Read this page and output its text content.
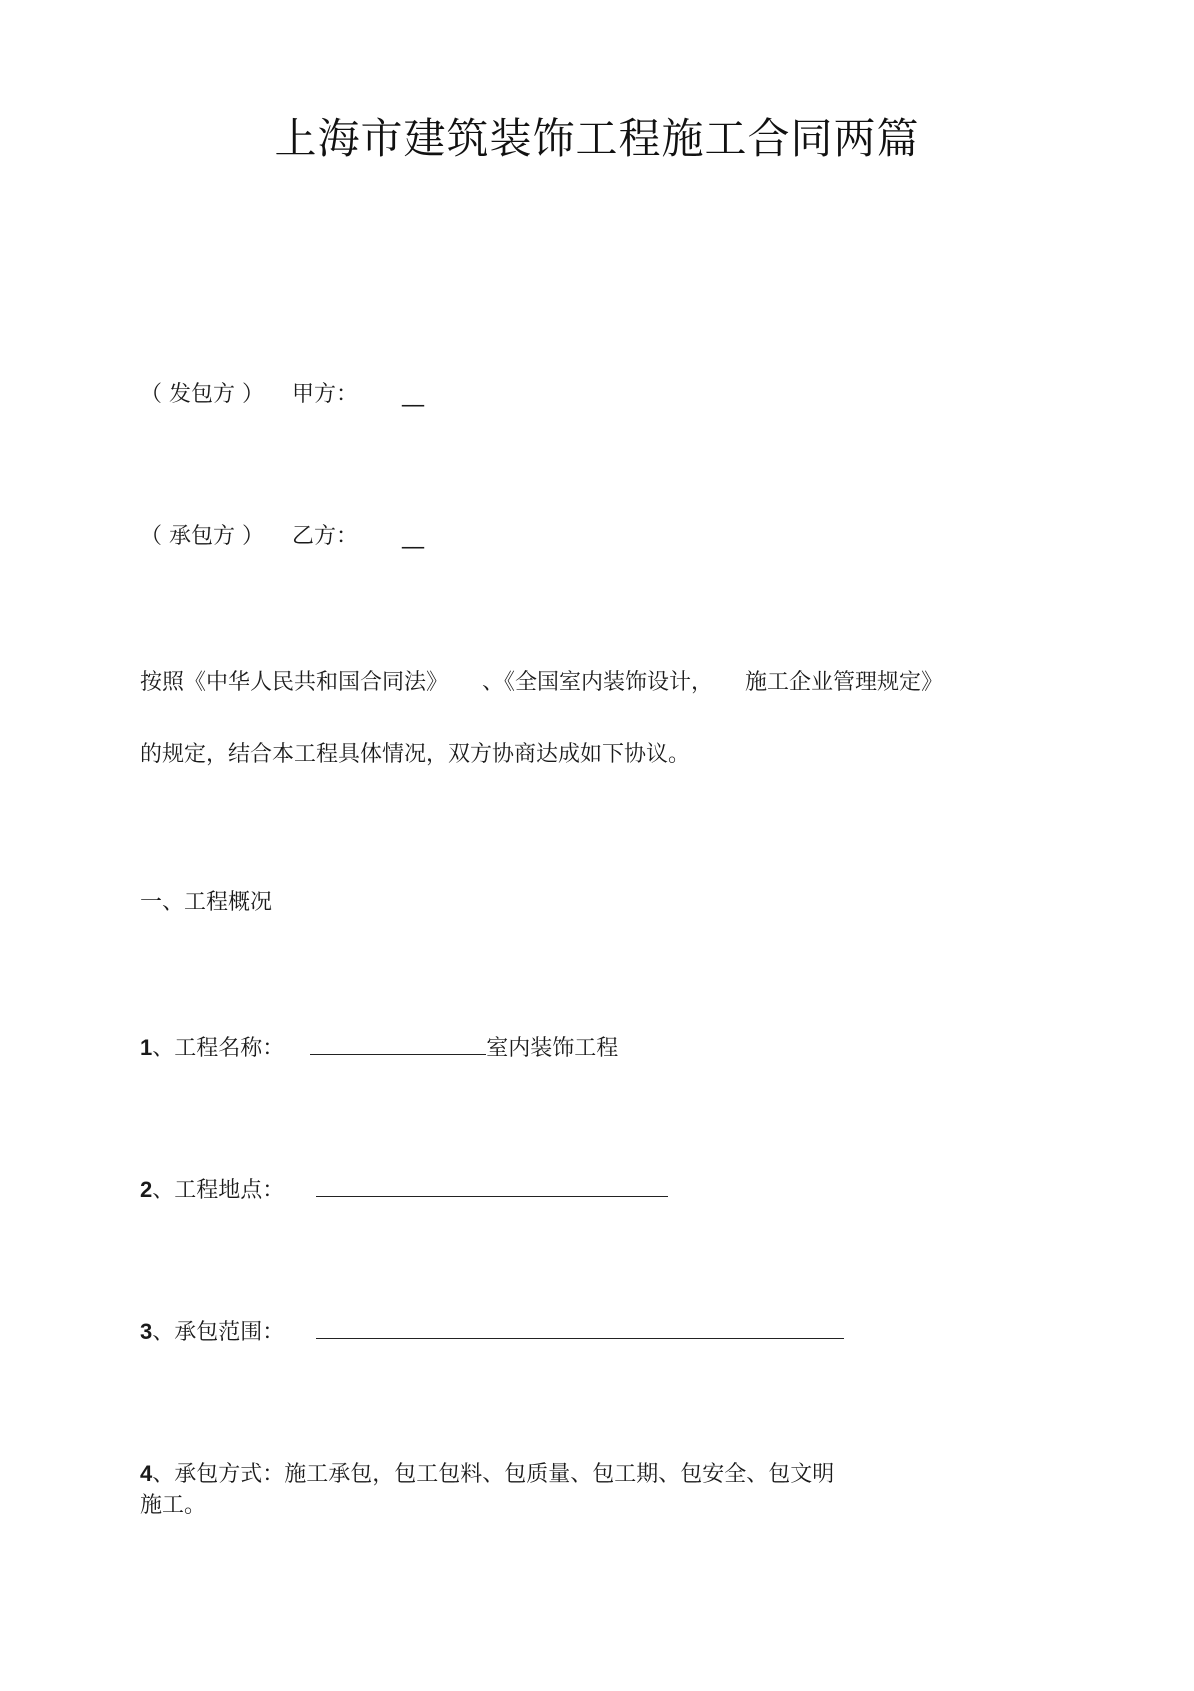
上海市建筑装饰工程施工合同两篇
（ 发包方 ） 甲方： __
（ 承包方 ） 乙方： __
按照《中华人民共和国合同法》 、《全国室内装饰设计， 施工企业管理规定》
的规定，结合本工程具体情况，双方协商达成如下协议。
一、工程概况
1、工程名称：	室内装饰工程
2、工程地点：
3、承包范围：
4、承包方式：施工承包，包工包料、包质量、包工期、包安全、包文明
施工。
